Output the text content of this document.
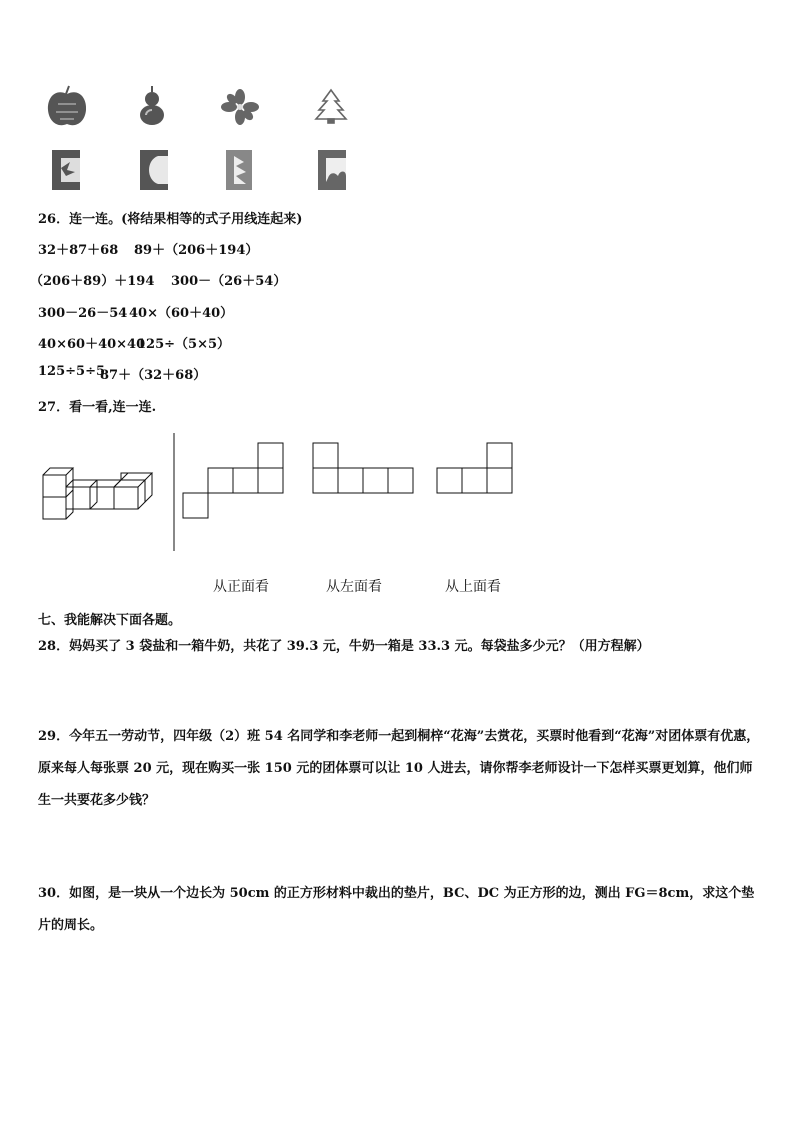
26．连一连。(将结果相等的式子用线连起来)
32＋87＋68 89＋（206＋194）
（206＋89）＋194 300－（26＋54）
300－26－54 40×（60＋40）
40×60＋40×40
125÷（5×5）
125÷5÷5
87＋（32＋68）
27．看一看,连一连.
从正面看	从左面看	从上面看
七、我能解决下面各题。
28．妈妈买了 3 袋盐和一箱牛奶，共花了 39.3 元，牛奶一箱是 33.3 元。每袋盐多少元？（用方程解）
29．今年五一劳动节，四年级（2）班 54 名同学和李老师一起到桐梓“花海”去赏花，买票时他看到“花海”对团体票有优惠，原来每人每张票 20 元，现在购买一张 150 元的团体票可以让 10 人进去，请你帮李老师设计一下怎样买票更划算，他们师生一共要花多少钱？
30．如图，是一块从一个边长为 50cm 的正方形材料中裁出的垫片，BC、DC 为正方形的边，测出 FG＝8cm，求这个垫片的周长。
